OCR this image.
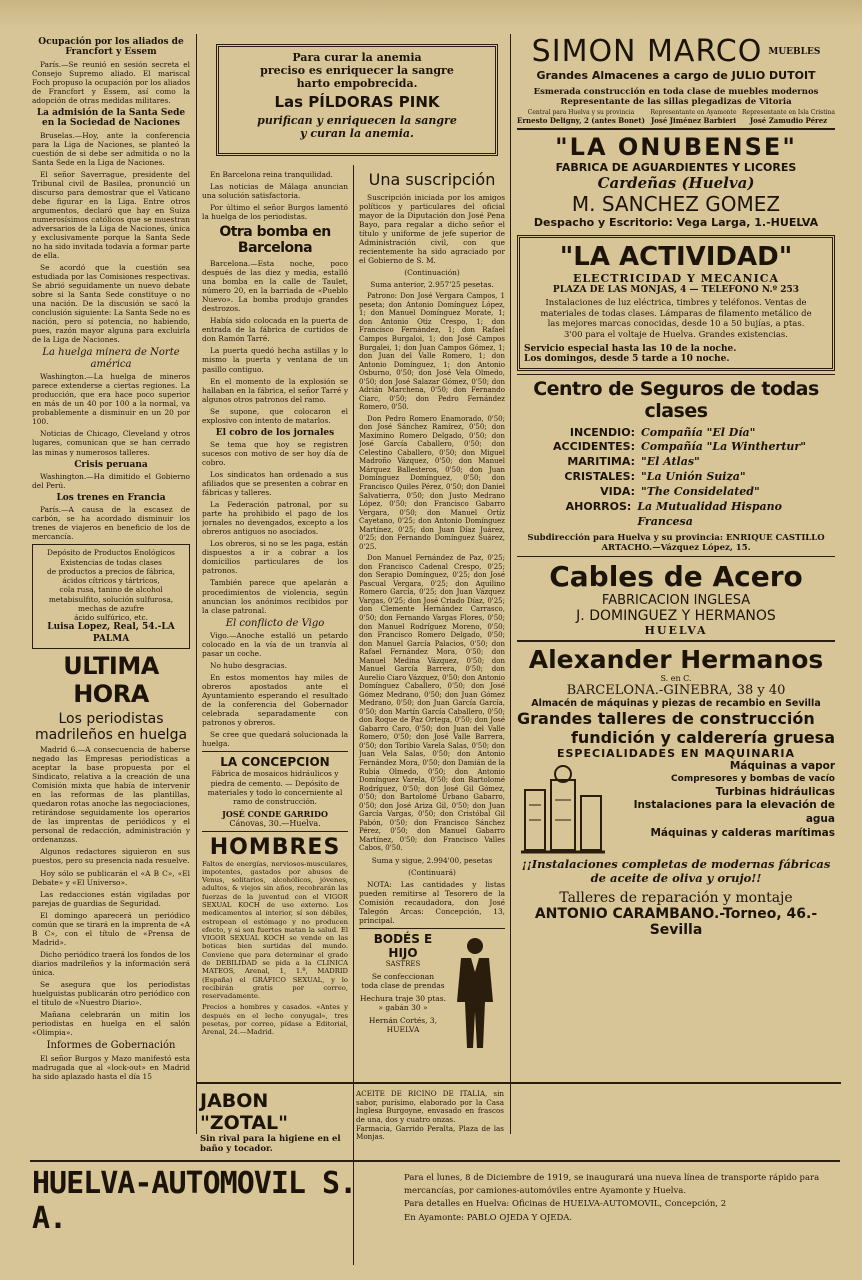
Ocupación por los aliados de Francfort y Essem
París.—Se reunió en sesión secreta el Consejo Supremo aliado. El mariscal Foch propuso la ocupación por los aliados de Francfort y Essem, así como la adopción de otras medidas militares.
La admisión de la Santa Sede en la Sociedad de Naciones
Bruselas.—Hoy, ante la conferencia para la Liga de Naciones, se planteó la cuestión de si debe ser admitida o no la Santa Sede en la Liga de Naciones.
El señor Saverrague, presidente del Tribunal civil de Basilea, pronunció un discurso para demostrar que el Vaticano debe figurar en la Liga. Entre otros argumentos, declaró que hay en Suiza numerosísimos católicos que se muestran adversarios de la Liga de Naciones, única y exclusivamente porque la Santa Sede no ha sido invitada todavía a formar parte de ella.
Se acordó que la cuestión sea estudiada por las Comisiones respectivas. Se abrió seguidamente un nuevo debate sobre si la Santa Sede constituye o no una nación. De la discusión se sacó la conclusión siguiente: La Santa Sede no es nación, pero sí potencia, no habiendo, pues, razón mayor alguna para excluirla de la Liga de Naciones.
La huelga minera de Norte américa
Washington.—La huelga de mineros parece extenderse a ciertas regiones. La producción, que era hace poco superior en más de un 40 por 100 a la normal, va probablemente a disminuir en un 20 por 100.
Noticias de Chicago, Cleveland y otros lugares, comunican que se han cerrado las minas y numerosos talleres.
Crisis peruana
Washington.—Ha dimitido el Gobierno del Perú.
Los trenes en Francia
París.—A causa de la escasez de carbón, se ha acordado disminuir los trenes de viajeros en beneficio de los de mercancía.
Depósito de Productos Enológicos
Existencias de todas clases
de productos a precios de fábrica,
ácidos cítricos y tártricos,
cola rusa, tanino de alcohol
metabisulfito, solución sulfurosa,
mechas de azufre
ácido sulfúrico, etc.
Luisa Lopez, Real, 54.-LA PALMA
ULTIMA HORA
Los periodistas madrileños en huelga
Madrid 6.—A consecuencia de haberse negado las Empresas periodísticas a aceptar la base propuesta por el Sindicato, relativa a la creación de una Comisión mixta que había de intervenir en las reformas de las plantillas, quedaron rotas anoche las negociaciones, retirándose seguidamente los operarios de las imprentas de periódicos y el personal de redacción, administración y ordenanzas.
Algunos redactores siguieron en sus puestos, pero su presencia nada resuelve.
Hoy sólo se publicarán el «A B C», «El Debate» y «El Universo».
Las redacciones están vigiladas por parejas de guardias de Seguridad.
El domingo aparecerá un periódico común que se tirará en la imprenta de «A B C», con el título de «Prensa de Madrid».
Dicho periódico traerá los fondos de los diarios madrileños y la información será única.
Se asegura que los periodistas huelguistas publicarán otro periódico con el título de «Nuestro Diario».
Mañana celebrarán un mitin los periodistas en huelga en el salón «Olimpia».
Informes de Gobernación
El señor Burgos y Mazo manifestó esta madrugada que al «lock-out» en Madrid ha sido aplazado hasta el día 15
Para curar la anemia
preciso es enriquecer la sangre
harto empobrecida.
Las PÍLDORAS PINK
purifican y enriquecen la sangre
y curan la anemia.
En Barcelona reina tranquilidad.
Las noticias de Málaga anuncian una solución satisfactoria.
Por último el señor Burgos lamentó la huelga de los periodistas.
Otra bomba en Barcelona
Barcelona.—Esta noche, poco después de las diez y media, estalló una bomba en la calle de Taulet, número 20, en la barriada de «Pueblo Nuevo». La bomba produjo grandes destrozos.
Había sido colocada en la puerta de entrada de la fábrica de curtidos de don Ramón Tarré.
La puerta quedó hecha astillas y lo mismo la puerta y ventana de un pasillo contiguo.
En el momento de la explosión se hallaban en la fábrica, el señor Tarré y algunos otros patronos del ramo.
Se supone, que colocaron el explosivo con intento de matarlos.
El cobro de los jornales
Se tema que hoy se registren sucesos con motivo de ser hoy día de cobro.
Los sindicatos han ordenado a sus afiliados que se presenten a cobrar en fábricas y talleres.
La Federación patronal, por su parte ha prohibido el pago de los jornales no devengados, excepto a los obreros antiguos no asociados.
Los obreros, si no se les paga, están dispuestos a ir a cobrar a los domicilios particulares de los patronos.
También parece que apelarán a procedimientos de violencia, según anuncian los anónimos recibidos por la clase patronal.
El conflicto de Vigo
Vigo.—Anoche estalló un petardo colocado en la vía de un tranvía al pasar un coche.
No hubo desgracias.
En estos momentos hay miles de obreros apostados ante el Ayuntamiento esperando el resultado de la conferencia del Gobernador celebrada separadamente con patronos y obreros.
Se cree que quedará solucionada la huelga.
LA CONCEPCION
Fábrica de mosaicos hidráulicos y piedra de cemento. — Depósito de materiales y todo lo concerniente al ramo de construcción.
JOSÉ CONDE GARRIDO
Cánovas, 30.—Huelva.
HOMBRES
Faltos de energías, nerviosos-musculares, impotentes, gastados por abusos de Venus, solitarios, alcohólicos, jóvenes, adultos, & viejos sin años, recobrarán las fuerzas de la juventud con el VIGOR SEXUAL KOCH de uso externo. Los medicamentos al interior, sí son débiles, estropean el estómago y no producen efecto, y si son fuertes matan la salud. El VIGOR SEXUAL KOCH se vende en las boticas bien surtidas del mundo. Conviene que para determinar el grado de DEBILIDAD se pida a la CLINICA MATEOS, Arenal, 1, 1.º, MADRID (España) el GRÁFICO SEXUAL, y lo recibirán gratis por correo, reservadamente.
Precios a hombres y casados. «Antes y después en el lecho conyugal», tres pesetas, por correo, pídase a Editorial, Arenal, 24.—Madrid.
Una suscripción
Suscripción iniciada por los amigos políticos y particulares del oficial mayor de la Diputación don José Pena Bayo, para regalar a dicho señor el título y uniforme de jefe superior de Administración civil, con que recientemente ha sido agraciado por el Gobierno de S. M.
(Continuación)
Suma anterior, 2.957'25 pesetas.
Patrono: Don José Vergara Campos, 1 peseta; don Antonio Domínguez López, 1; don Manuel Domínguez Morate, 1; don Antonio Otiz Crespo, 1; don Francisco Fernández, 1; don Rafael Campos Burgaloi, 1; don José Campos Burgalei, 1; don Juan Campos Gómez, 1; don Juan del Valle Romero, 1; don Antonio Domínguez, 1; don Antonio Osburno, 0'50; don José Vela Olmedo, 0'50; don José Salazar Gómez, 0'50; don Adrián Marchena, 0'50; don Fernando Ciarc, 0'50; don Pedro Fernández Romero, 0'50.
Don Pedro Romero Enamorado, 0'50; don José Sánchez Ramírez, 0'50; don Maximino Romero Delgado, 0'50; don José García Caballero, 0'50; don Celestino Caballero, 0'50; don Miguel Madroño Vázquez, 0'50; don Manuel Márquez Ballesteros, 0'50; don Juan Domínguez Domínguez, 0'50; don Francisco Quiles Pérez, 0'50; don Daniel Salvatierra, 0'50; don Justo Medrano López, 0'50; don Francisco Gabarro Vergara, 0'50; don Manuel Ortíz Cayetano, 0'25; don Antonio Domínguez Martínez, 0'25; don Juan Díaz Juárez, 0'25; don Fernando Domínguez Suárez, 0'25.
Don Manuel Fernández de Paz, 0'25; don Francisco Cadenal Crespo, 0'25; don Serapio Domínguez, 0'25; don José Pascual Vergara, 0'25; don Aquilino Romero García, 0'25; don Juan Vázquez Vargas, 0'25; don José Criado Díaz, 0'25; don Clemente Hernández Carrasco, 0'50; don Fernando Vargas Flores, 0'50; don Manuel Rodríguez Moreno, 0'50; don Francisco Romero Delgado, 0'50; don Manuel García Palacios, 0'50; don Rafael Fernández Mora, 0'50; don Manuel Medina Vázquez, 0'50; don Manuel García Barrera, 0'50; don Aurelio Ciaro Vázquez, 0'50; don Antonio Domínguez Caballero, 0'50; don José Gómez Medrano, 0'50; don Juan Gómez Medrano, 0'50; don Juan García García, 0'50; don Martín García Caballero, 0'50; don Roque de Paz Ortega, 0'50; don José Gabarro Caro, 0'50; don Juan del Valle Romero, 0'50; don José Valle Barrera, 0'50; don Toribio Varela Salas, 0'50; don Juan Vela Salas, 0'50; don Antonio Fernández Mora, 0'50; don Damián de la Rubia Olmedo, 0'50; don Antonio Domínguez Varela, 0'50; don Bartolomé Rodríguez, 0'50; don José Gil Gómez, 0'50; don Bartolomé Urbano Gabarro, 0'50; don José Ariza Gil, 0'50; don Juan García Vargas, 0'50; don Cristóbal Gil Pabón, 0'50; don Francisco Sánchez Pérez, 0'50; don Manuel Gabarro Martínez, 0'50; don Francisco Valles Cabos, 0'50.
Suma y sigue, 2.994'00, pesetas
(Continuará)
NOTA: Las cantidades y listas pueden remitirse al Tesorero de la Comisión recaudadora, don José Talegón Arcas: Concepción, 13, principal.
BODÉS E HIJO
SASTRES
Se confeccionan
toda clase de prendas
Hechura traje 30 ptas.
» gabán 30 »
Hernán Cortés, 3,
HUELVA
SIMON MARCO MUEBLES
Grandes Almacenes a cargo de JULIO DUTOIT
Esmerada construcción en toda clase de muebles modernos
Representante de las sillas plegadizas de Vitoria
Central para Huelva y su provincia
Ernesto Deligny, 2 (antes Bonet)
Representante en Ayamonte
José Jiménez Barbieri
Representante en Isla Cristina
José Zamudio Pérez
"LA ONUBENSE"
FABRICA DE AGUARDIENTES Y LICORES
Cardeñas (Huelva)
M. SANCHEZ GOMEZ
Despacho y Escritorio: Vega Larga, 1.-HUELVA
"LA ACTIVIDAD"
ELECTRICIDAD Y MECANICA
PLAZA DE LAS MONJAS, 4 — TELEFONO N.º 253
Instalaciones de luz eléctrica, timbres y teléfonos. Ventas de materiales de todas clases. Lámparas de filamento metálico de las mejores marcas conocidas, desde 10 a 50 bujías, a ptas. 3'00 para el voltaje de Huelva. Grandes existencias.
Servicio especial hasta las 10 de la noche.
Los domingos, desde 5 tarde a 10 noche.
Centro de Seguros de todas clases
INCENDIO: Compañía "El Día"
ACCIDENTES: Compañía "La Winthertur"
MARITIMA: "El Atlas"
CRISTALES: "La Unión Suiza"
VIDA: "The Considelated"
AHORROS: La Mutualidad Hispano Francesa
Subdirección para Huelva y su provincia: ENRIQUE CASTILLO ARTACHO.—Vázquez López, 15.
Cables de Acero
FABRICACION INGLESA
J. DOMINGUEZ Y HERMANOS
HUELVA
Alexander Hermanos
S. en C.
BARCELONA.-GINEBRA, 38 y 40
Almacén de máquinas y piezas de recambio en Sevilla
Grandes talleres de construcción
fundición y calderería gruesa
ESPECIALIDADES EN MAQUINARIA
Máquinas a vapor
Compresores y bombas de vacío
Turbinas hidráulicas
Instalaciones para la elevación de agua
Máquinas y calderas marítimas
¡¡Instalaciones completas de modernas fábricas de aceite de oliva y orujo!!
Talleres de reparación y montaje
ANTONIO CARAMBANO.-Torneo, 46.-Sevilla
JABON "ZOTAL"
Sin rival para la higiene en el baño y tocador.
ACEITE DE RICINO DE ITALIA, sin sabor, purísimo, elaborado por la Casa Inglesa Burgoyne, envasado en frascos de una, dos y cuatro onzas.
Farmacia, Garrido Peralta, Plaza de las Monjas.
HUELVA-AUTOMOVIL S. A.
Para el lunes, 8 de Diciembre de 1919, se inaugurará una nueva línea de transporte rápido para mercancías, por camiones-automóviles entre Ayamonte y Huelva.
Para detalles en Huelva: Oficinas de HUELVA-AUTOMOVIL, Concepción, 2
En Ayamonte: PABLO OJEDA Y OJEDA.
